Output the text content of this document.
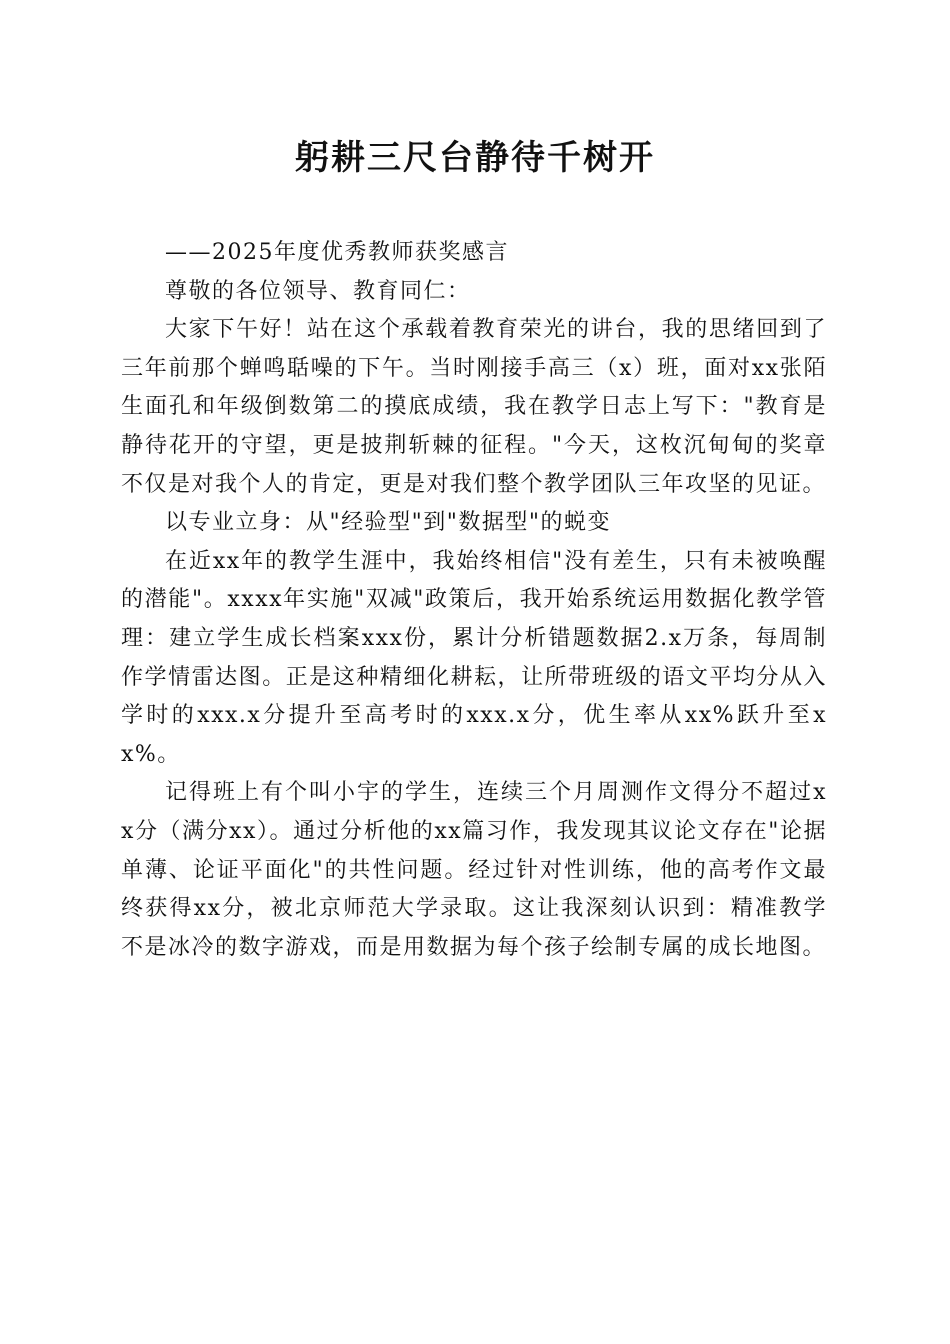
躬耕三尺台静待千树开

——2025年度优秀教师获奖感言

尊敬的各位领导、教育同仁：

大家下午好！站在这个承载着教育荣光的讲台，我的思绪回到了三年前那个蝉鸣聒噪的下午。当时刚接手高三（x）班，面对xx张陌生面孔和年级倒数第二的摸底成绩，我在教学日志上写下："教育是静待花开的守望，更是披荆斩棘的征程。"今天，这枚沉甸甸的奖章不仅是对我个人的肯定，更是对我们整个教学团队三年攻坚的见证。

以专业立身：从"经验型"到"数据型"的蜕变

在近xx年的教学生涯中，我始终相信"没有差生，只有未被唤醒的潜能"。xxxx年实施"双减"政策后，我开始系统运用数据化教学管理：建立学生成长档案xxx份，累计分析错题数据2.x万条，每周制作学情雷达图。正是这种精细化耕耘，让所带班级的语文平均分从入学时的xxx.x分提升至高考时的xxx.x分，优生率从xx%跃升至xx%。

记得班上有个叫小宇的学生，连续三个月周测作文得分不超过xx分（满分xx）。通过分析他的xx篇习作，我发现其议论文存在"论据单薄、论证平面化"的共性问题。经过针对性训练，他的高考作文最终获得xx分，被北京师范大学录取。这让我深刻认识到：精准教学不是冰冷的数字游戏，而是用数据为每个孩子绘制专属的成长地图。
